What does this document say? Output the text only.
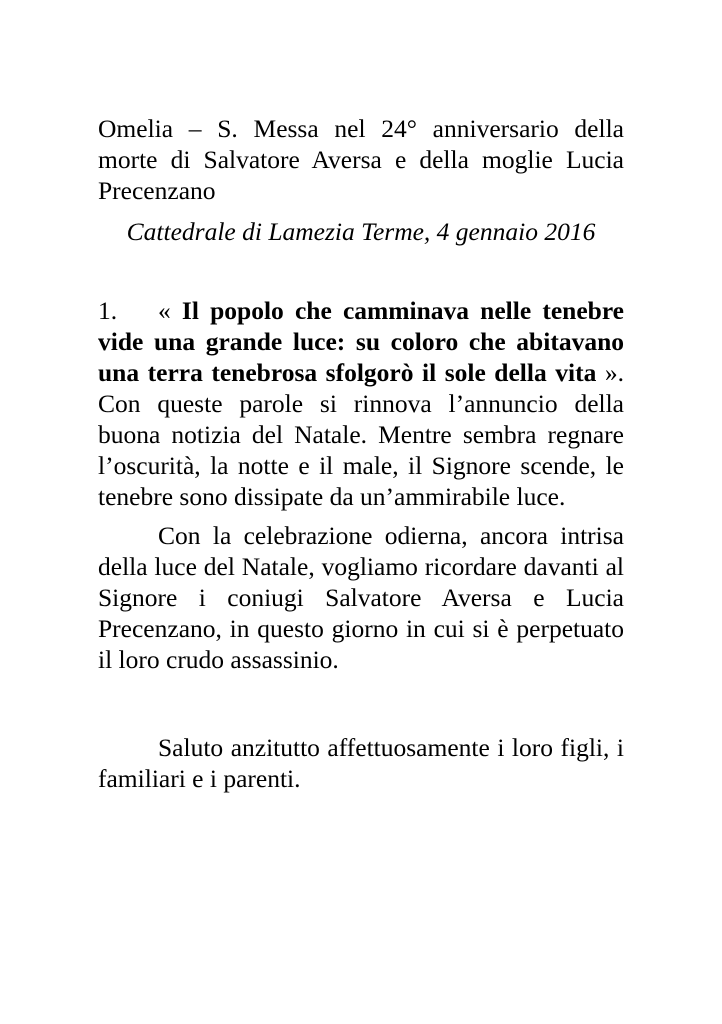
Omelia – S. Messa nel 24° anniversario della morte di Salvatore Aversa e della moglie Lucia Precenzano

Cattedrale di Lamezia Terme, 4 gennaio 2016

1. « Il popolo che camminava nelle tenebre vide una grande luce: su coloro che abitavano una terra tenebrosa sfolgorò il sole della vita ». Con queste parole si rinnova l’annuncio della buona notizia del Natale. Mentre sembra regnare l’oscurità, la notte e il male, il Signore scende, le tenebre sono dissipate da un’ammirabile luce.

Con la celebrazione odierna, ancora intrisa della luce del Natale, vogliamo ricordare davanti al Signore i coniugi Salvatore Aversa e Lucia Precenzano, in questo giorno in cui si è perpetuato il loro crudo assassinio.

Saluto anzitutto affettuosamente i loro figli, i familiari e i parenti.
